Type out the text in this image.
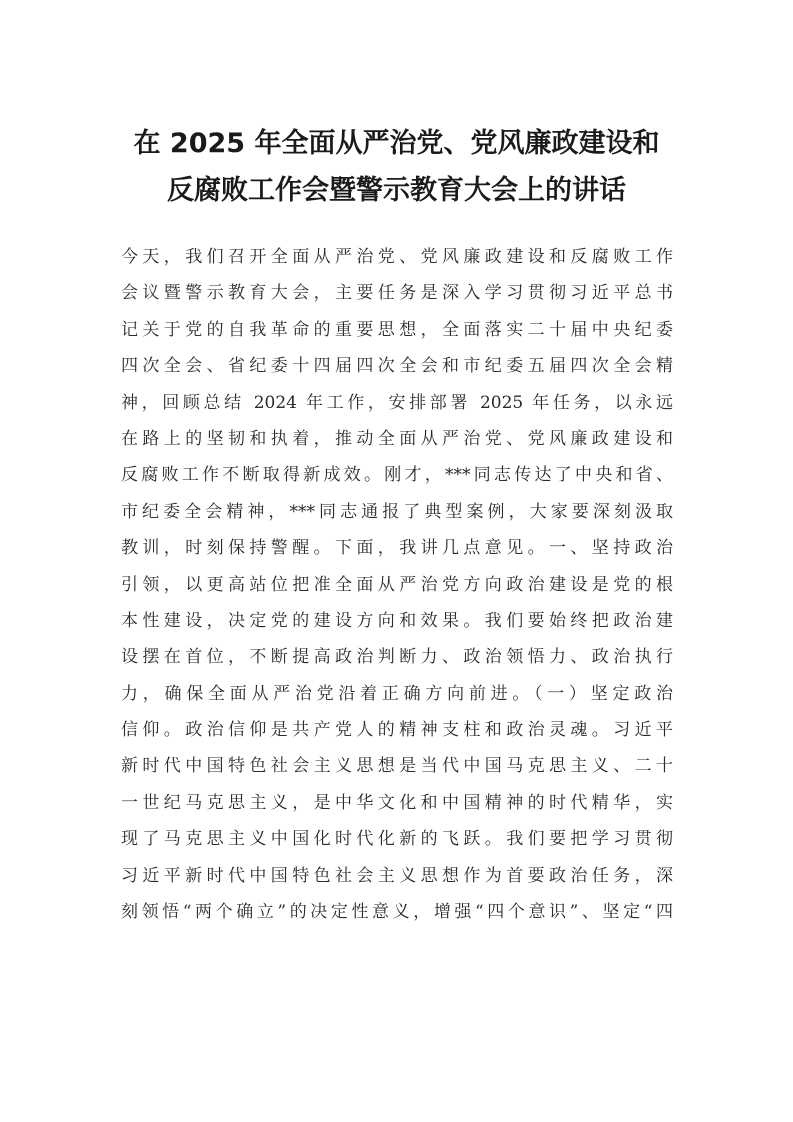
在 2025 年全面从严治党、党风廉政建设和
反腐败工作会暨警示教育大会上的讲话
今天，我们召开全面从严治党、党风廉政建设和反腐败工作
会议暨警示教育大会，主要任务是深入学习贯彻习近平总书
记关于党的自我革命的重要思想，全面落实二十届中央纪委
四次全会、省纪委十四届四次全会和市纪委五届四次全会精
神，回顾总结 2024 年工作，安排部署 2025 年任务，以永远
在路上的坚韧和执着，推动全面从严治党、党风廉政建设和
反腐败工作不断取得新成效。刚才，***同志传达了中央和省、
市纪委全会精神，***同志通报了典型案例，大家要深刻汲取
教训，时刻保持警醒。下面，我讲几点意见。一、坚持政治
引领，以更高站位把准全面从严治党方向政治建设是党的根
本性建设，决定党的建设方向和效果。我们要始终把政治建
设摆在首位，不断提高政治判断力、政治领悟力、政治执行
力，确保全面从严治党沿着正确方向前进。（一）坚定政治
信仰。政治信仰是共产党人的精神支柱和政治灵魂。习近平
新时代中国特色社会主义思想是当代中国马克思主义、二十
一世纪马克思主义，是中华文化和中国精神的时代精华，实
现了马克思主义中国化时代化新的飞跃。我们要把学习贯彻
习近平新时代中国特色社会主义思想作为首要政治任务，深
刻领悟“两个确立”的决定性意义，增强“四个意识”、坚定“四
